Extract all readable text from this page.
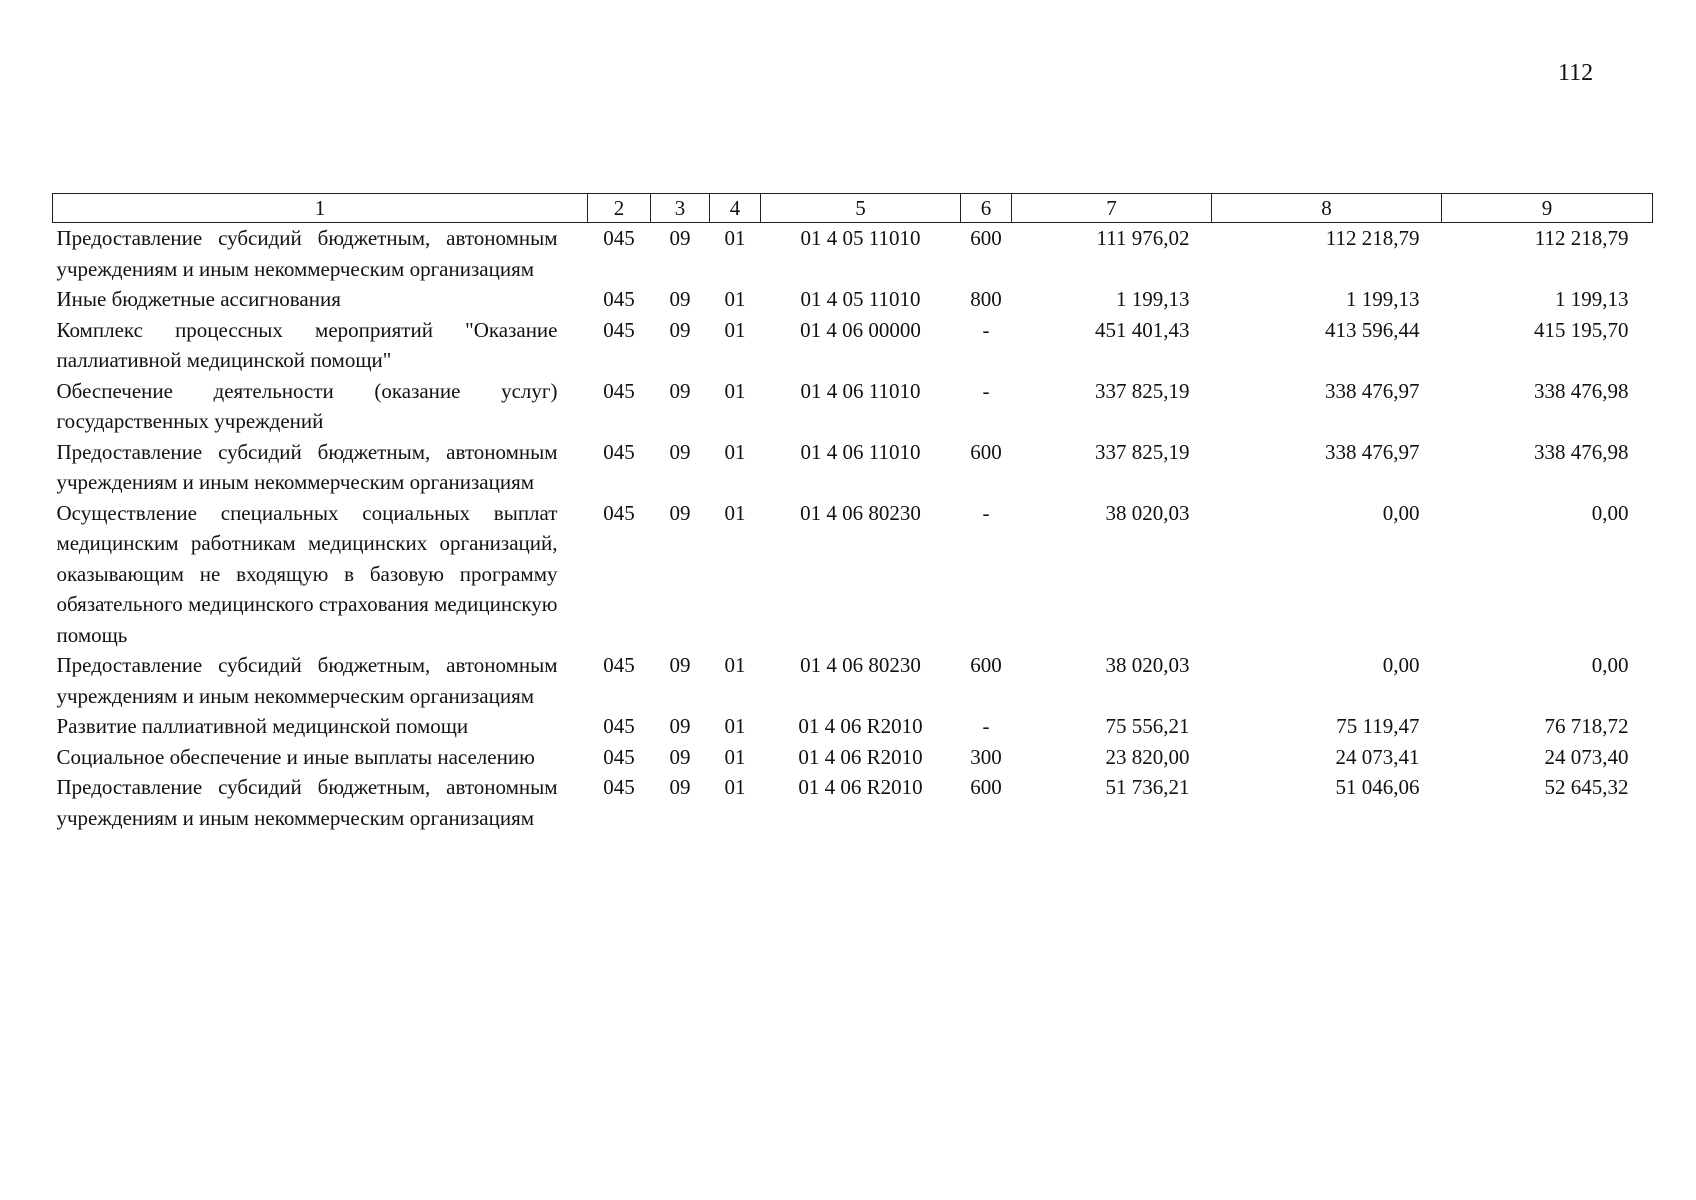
112
1	2	3	4	5	6	7	8	9
Предоставление субсидий бюджетным, автономным учреждениям и иным некоммерческим организациям	045	09	01	01 4 05 11010	600	111 976,02	112 218,79	112 218,79
Иные бюджетные ассигнования	045	09	01	01 4 05 11010	800	1 199,13	1 199,13	1 199,13
Комплекс процессных мероприятий "Оказание паллиативной медицинской помощи"	045	09	01	01 4 06 00000	-	451 401,43	413 596,44	415 195,70
Обеспечение деятельности (оказание услуг) государственных учреждений	045	09	01	01 4 06 11010	-	337 825,19	338 476,97	338 476,98
Предоставление субсидий бюджетным, автономным учреждениям и иным некоммерческим организациям	045	09	01	01 4 06 11010	600	337 825,19	338 476,97	338 476,98
Осуществление специальных социальных выплат медицинским работникам медицинских организаций, оказывающим не входящую в базовую программу обязательного медицинского страхования медицинскую помощь	045	09	01	01 4 06 80230	-	38 020,03	0,00	0,00
Предоставление субсидий бюджетным, автономным учреждениям и иным некоммерческим организациям	045	09	01	01 4 06 80230	600	38 020,03	0,00	0,00
Развитие паллиативной медицинской помощи	045	09	01	01 4 06 R2010	-	75 556,21	75 119,47	76 718,72
Социальное обеспечение и иные выплаты населению	045	09	01	01 4 06 R2010	300	23 820,00	24 073,41	24 073,40
Предоставление субсидий бюджетным, автономным учреждениям и иным некоммерческим организациям	045	09	01	01 4 06 R2010	600	51 736,21	51 046,06	52 645,32
